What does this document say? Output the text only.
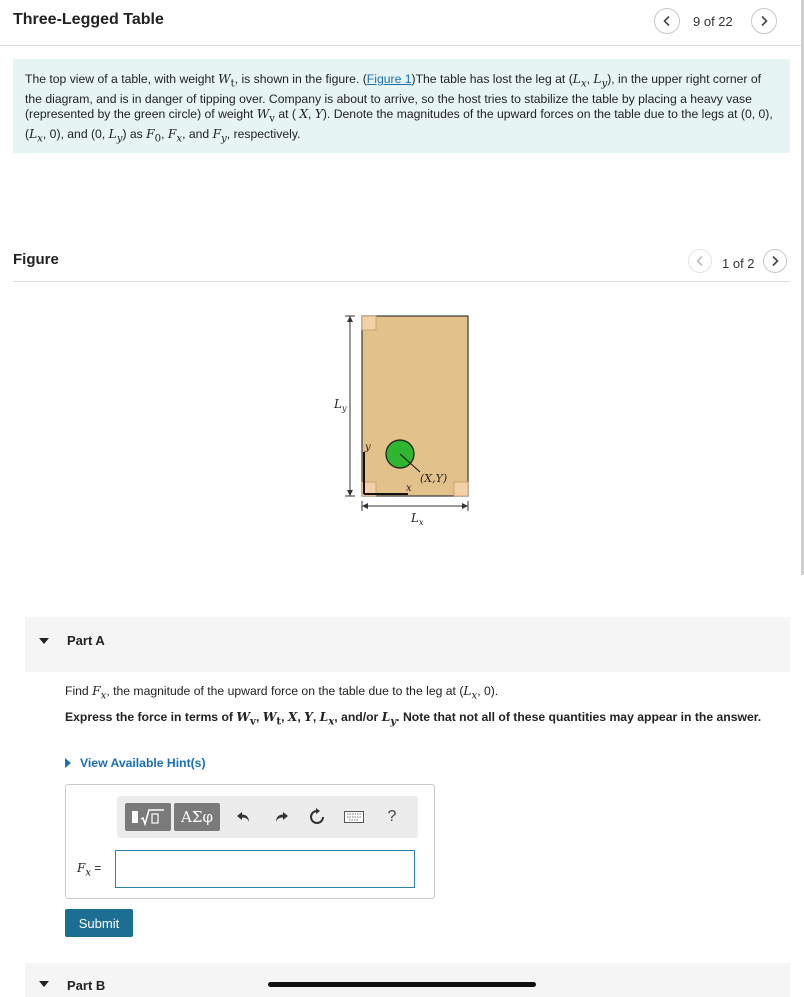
Three-Legged Table	9 of 22
The top view of a table, with weight $W_t$, is shown in the figure. (Figure 1)The table has lost the leg at ($L_x$, $L_y$), in the upper right corner of the diagram, and is in danger of tipping over. Company is about to arrive, so the host tries to stabilize the table by placing a heavy vase (represented by the green circle) of weight $W_v$ at ( X, Y). Denote the magnitudes of the upward forces on the table due to the legs at (0, 0), ($L_x$, 0), and (0, $L_y$) as $F_0$, $F_x$, and $F_y$, respectively.
Figure	1 of 2
$L_y$
$L_x$
y
x
(X,Y)
Part A
Find $F_x$, the magnitude of the upward force on the table due to the leg at ($L_x$, 0).
Express the force in terms of $W_v$, $W_t$, X, Y, $L_x$, and/or $L_y$. Note that not all of these quantities may appear in the answer.
View Available Hint(s)
ΑΣφ	?
$F_x$ =
Submit
Part B
